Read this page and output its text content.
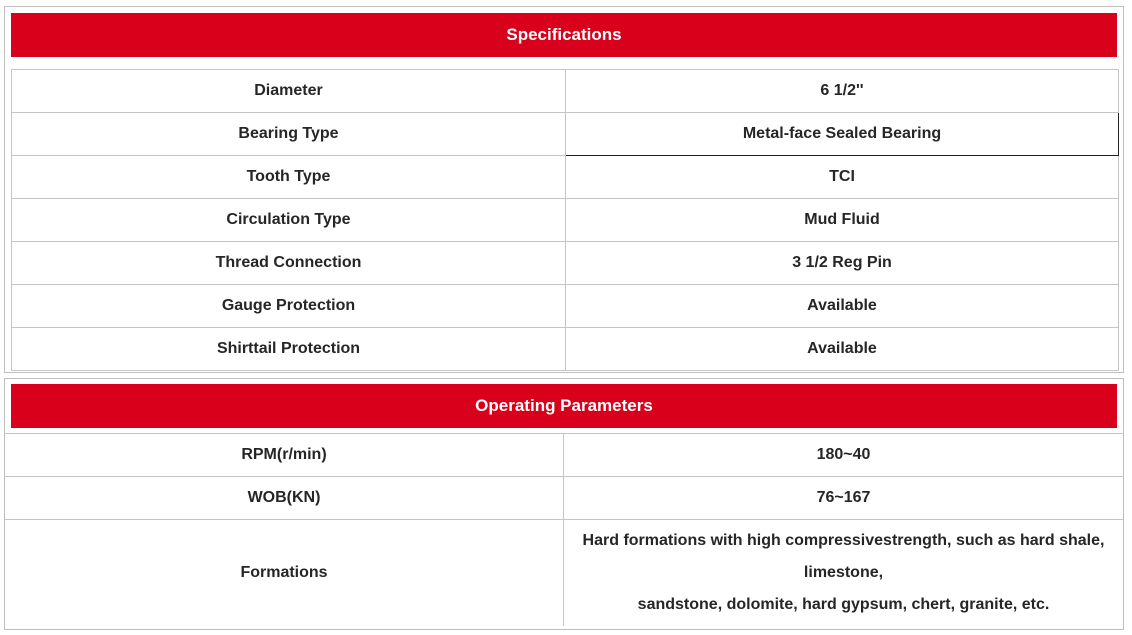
Specifications
Diameter	6 1/2''
Bearing Type	Metal-face Sealed Bearing
Tooth Type	TCI
Circulation Type	Mud Fluid
Thread Connection	3 1/2 Reg Pin
Gauge Protection	Available
Shirttail Protection	Available
Operating Parameters
RPM(r/min)	180~40
WOB(KN)	76~167
Formations	Hard formations with high compressivestrength, such as hard shale,
limestone,
sandstone, dolomite, hard gypsum, chert, granite, etc.
